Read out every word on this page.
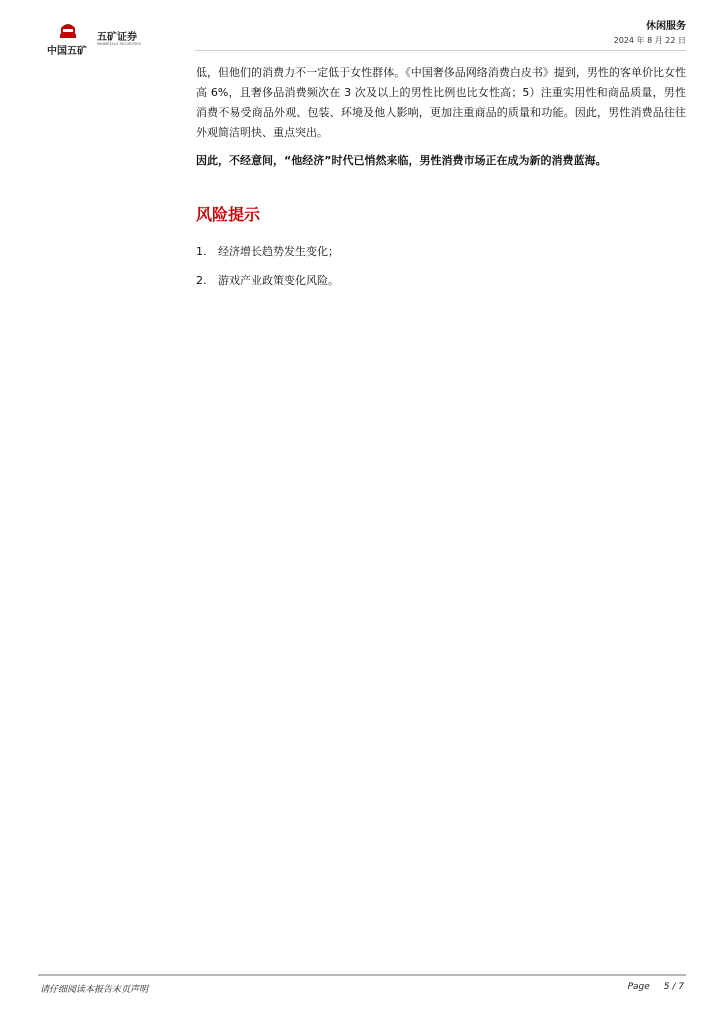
中国五矿
五矿证券
MINMETALS SECURITIES
休闲服务
2024 年 8 月 22 日

低，但他们的消费力不一定低于女性群体。《中国奢侈品网络消费白皮书》提到，男性的客单价比女性高 6%，且奢侈品消费频次在 3 次及以上的男性比例也比女性高；5）注重实用性和商品质量，男性消费不易受商品外观、包装、环境及他人影响，更加注重商品的质量和功能。因此，男性消费品往往外观简洁明快、重点突出。

因此，不经意间，“他经济”时代已悄然来临，男性消费市场正在成为新的消费蓝海。

风险提示
1. 经济增长趋势发生变化；
2. 游戏产业政策变化风险。
请仔细阅读本报告末页声明	Page 5 / 7
